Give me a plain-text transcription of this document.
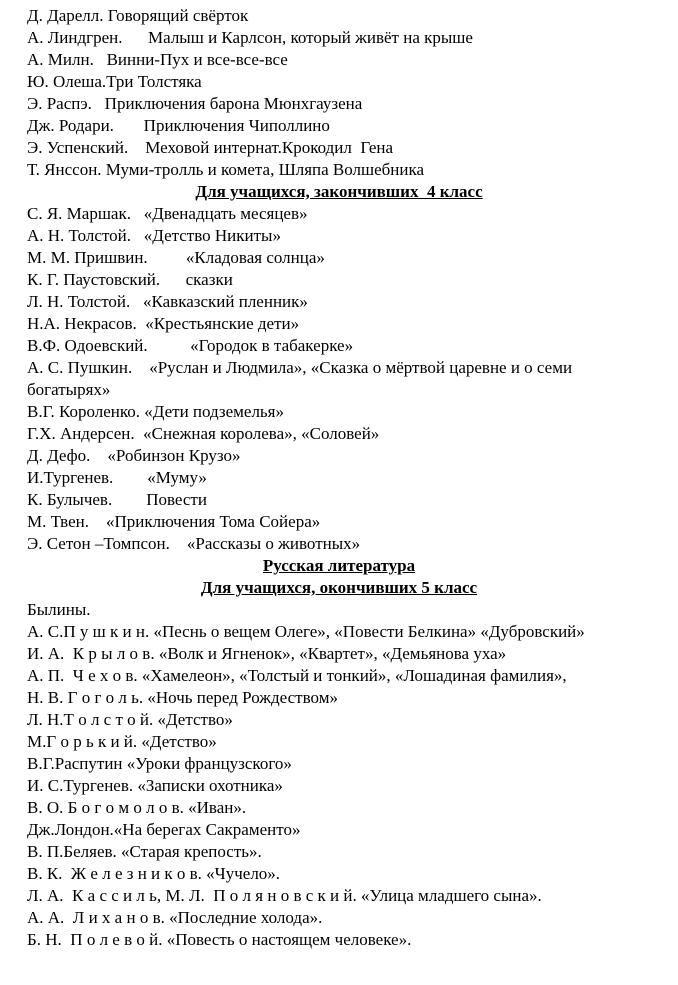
Д. Дарелл. Говорящий свёрток
А. Линдгрен.      Малыш и Карлсон, который живёт на крыше
А. Милн.   Винни-Пух и все-все-все
Ю. Олеша.Три Толстяка
Э. Распэ.   Приключения барона Мюнхгаузена
Дж. Родари.       Приключения Чиполлино
Э. Успенский.    Меховой интернат.Крокодил  Гена
Т. Янссон. Муми-тролль и комета, Шляпа Волшебника
Для учащихся, закончивших  4 класс
С. Я. Маршак.   «Двенадцать месяцев»
А. Н. Толстой.   «Детство Никиты»
М. М. Пришвин.         «Кладовая солнца»
К. Г. Паустовский.      сказки
Л. Н. Толстой.   «Кавказский пленник»
Н.А. Некрасов.  «Крестьянские дети»
В.Ф. Одоевский.          «Городок в табакерке»
А. С. Пушкин.    «Руслан и Людмила», «Сказка о мёртвой царевне и о семи
богатырях»
В.Г. Короленко. «Дети подземелья»
Г.Х. Андерсен.  «Снежная королева», «Соловей»
Д. Дефо.    «Робинзон Крузо»
И.Тургенев.        «Муму»
К. Булычев.        Повести
М. Твен.    «Приключения Тома Сойера»
Э. Сетон –Томпсон.    «Рассказы о животных»
Русская литература
Для учащихся, окончивших 5 класс
Былины.
А. С.П у ш к и н. «Песнь о вещем Олеге», «Повести Белкина» «Дубровский»
И. А.  К р ы л о в. «Волк и Ягненок», «Квартет», «Демьянова уха»
А. П.  Ч е х о в. «Хамелеон», «Толстый и тонкий», «Лошадиная фамилия»,
Н. В. Г о г о л ь. «Ночь перед Рождеством»
Л. Н.Т о л с т о й. «Детство»
М.Г о р ь к и й. «Детство»
В.Г.Распутин «Уроки французского»
И. С.Тургенев. «Записки охотника»
В. О. Б о г о м о л о в. «Иван».
Дж.Лондон.«На берегах Сакраменто»
В. П.Беляев. «Старая крепость».
В. К.  Ж е л е з н и к о в. «Чучело».
Л. А.  К а с с и л ь, М. Л.  П о л я н о в с к и й. «Улица младшего сына».
А. А.  Л и х а н о в. «Последние холода».
Б. Н.  П о л е в о й. «Повесть о настоящем человеке».
